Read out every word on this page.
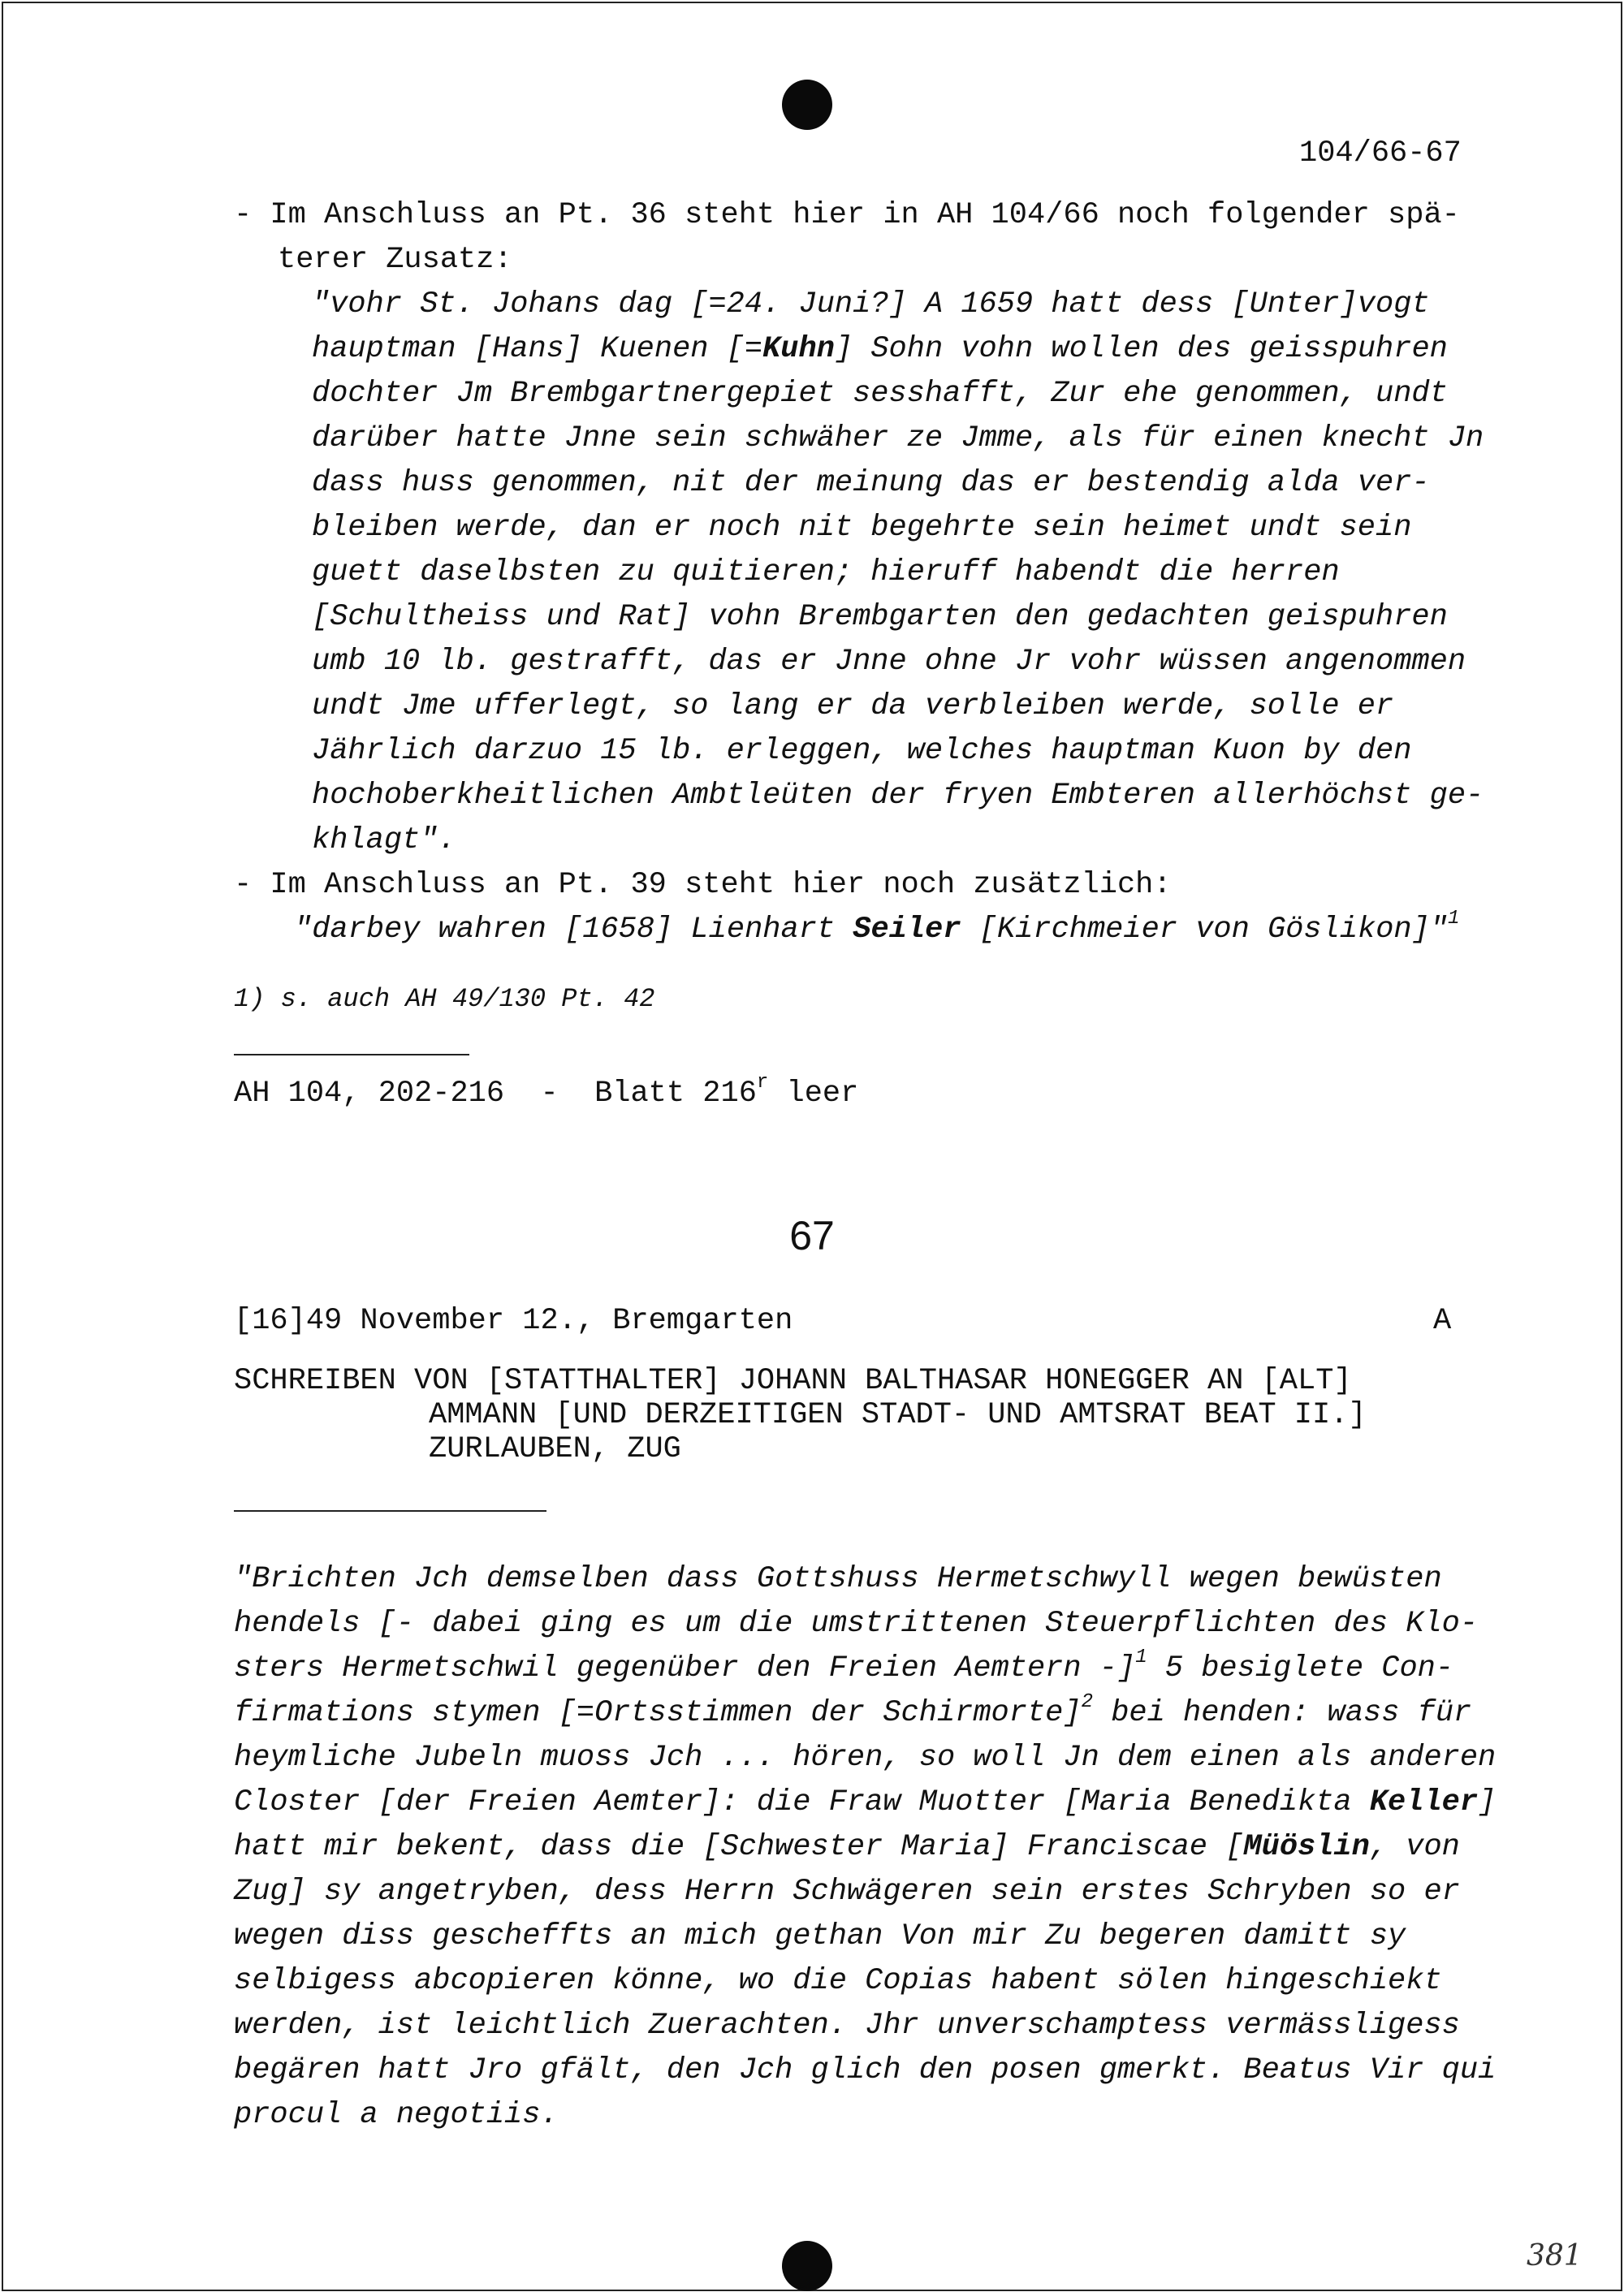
104/66-67
- Im Anschluss an Pt. 36 steht hier in AH 104/66 noch folgender spä-
terer Zusatz:
"vohr St. Johans dag [=24. Juni?] A 1659 hatt dess [Unter]vogt
hauptman [Hans] Kuenen [=Kuhn] Sohn vohn wollen des geisspuhren
dochter Jm Brembgartnergepiet sesshafft, Zur ehe genommen, undt
darüber hatte Jnne sein schwäher ze Jmme, als für einen knecht Jn
dass huss genommen, nit der meinung das er bestendig alda ver-
bleiben werde, dan er noch nit begehrte sein heimet undt sein
guett daselbsten zu quitieren; hieruff habendt die herren
[Schultheiss und Rat] vohn Brembgarten den gedachten geispuhren
umb 10 lb. gestrafft, das er Jnne ohne Jr vohr wüssen angenommen
undt Jme ufferlegt, so lang er da verbleiben werde, solle er
Jährlich darzuo 15 lb. erleggen, welches hauptman Kuon by den
hochoberkheitlichen Ambtleüten der fryen Embteren allerhöchst ge-
khlagt".
- Im Anschluss an Pt. 39 steht hier noch zusätzlich:
"darbey wahren [1658] Lienhart Seiler [Kirchmeier von Göslikon]"$^1$
1) s. auch AH 49/130 Pt. 42
AH 104, 202-216  -  Blatt 216$^r$ leer
67
[16]49 November 12., Bremgarten	A
SCHREIBEN VON [STATTHALTER] JOHANN BALTHASAR HONEGGER AN [ALT]
AMMANN [UND DERZEITIGEN STADT- UND AMTSRAT BEAT II.]
ZURLAUBEN, ZUG
"Brichten Jch demselben dass Gottshuss Hermetschwyll wegen bewüsten
hendels [- dabei ging es um die umstrittenen Steuerpflichten des Klo-
sters Hermetschwil gegenüber den Freien Aemtern -]$^1$ 5 besiglete Con-
firmations stymen [=Ortsstimmen der Schirmorte]$^2$ bei henden: wass für
heymliche Jubeln muoss Jch ... hören, so woll Jn dem einen als anderen
Closter [der Freien Aemter]: die Fraw Muotter [Maria Benedikta Keller]
hatt mir bekent, dass die [Schwester Maria] Franciscae [Müöslin, von
Zug] sy angetryben, dess Herrn Schwägeren sein erstes Schryben so er
wegen diss gescheffts an mich gethan Von mir Zu begeren damitt sy
selbigess abcopieren könne, wo die Copias habent sölen hingeschiekt
werden, ist leichtlich Zuerachten. Jhr unverschamptess vermässligess
begären hatt Jro gfält, den Jch glich den posen gmerkt. Beatus Vir qui
procul a negotiis.
381
